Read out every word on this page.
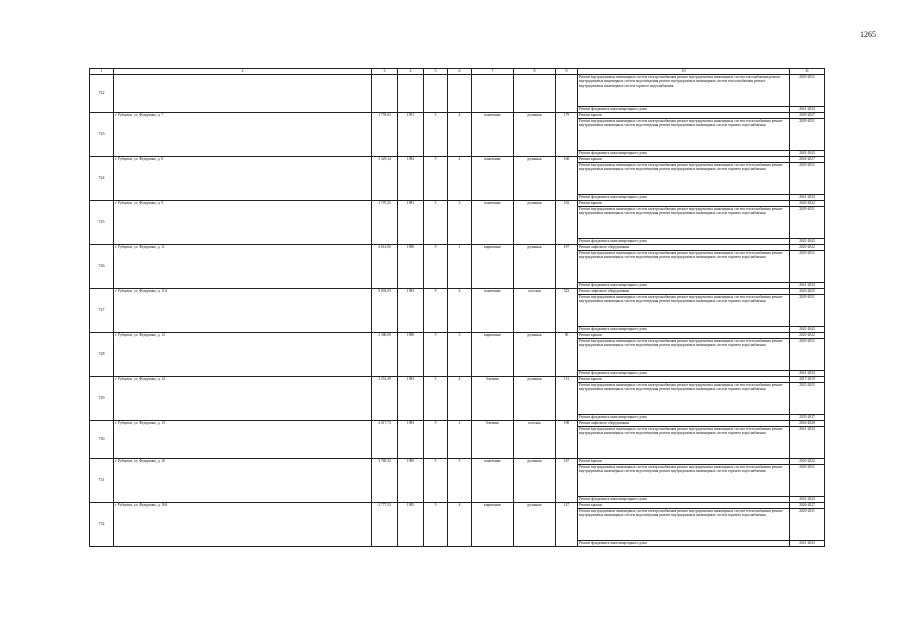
1265
1	2	3	4	5	6	7	8	9	10	11
722									Ремонт внутридомовых инженерных систем электроснабжения ремонт внутридомовых инженерных систем газоснабжения ремонт внутридомовых инженерных систем водоотведения ремонт внутридомовых инженерных систем теплоснабжения ремонт внутридомовых инженерных систем горячего водоснабжения	2029-2031
									Ремонт фундамента многоквартирного дома	2041-2043
723	г. Рубцовск, ул. Федоренко, д. 7	1 759,63	1991	5	4	панельные	рулонная	179	Ремонт крыши	2029-2027
									Ремонт внутридомовых инженерных систем электроснабжения ремонт внутридомовых инженерных систем теплоснабжения ремонт внутридомовых инженерных систем водоотведения ремонт внутридомовых инженерных систем горячего водоснабжения	2029-2031
									Ремонт фундамента многоквартирного дома	2041-2043
724	г. Рубцовск, ул. Федоренко, д. 8	3 329,34	1982	5	4	панельные	рулонная	160	Ремонт крыши	2026-2027
									Ремонт внутридомовых инженерных систем электроснабжения ремонт внутридомовых инженерных систем теплоснабжения ремонт внутридомовых инженерных систем водоотведения ремонт внутридомовых инженерных систем горячего водоснабжения	2029-2031
									Ремонт фундамента многоквартирного дома	2041-2043
725	г. Рубцовск, ул. Федоренко, д. 9	1 707,25	1981	5	3	панельные	рулонная	102	Ремонт крыши	2020-2022
									Ремонт внутридомовых инженерных систем электроснабжения ремонт внутридомовых инженерных систем теплоснабжения ремонт внутридомовых инженерных систем водоотведения ремонт внутридомовых инженерных систем горячего водоснабжения	2029-2031
									Ремонт фундамента многоквартирного дома	2041-2043
726	г. Рубцовск, ул. Федоренко, д. 11	4 614,00	1980	9	1	кирпичные	рулонная	197	Ремонт лифтового оборудования	2020-2022
									Ремонт внутридомовых инженерных систем электроснабжения ремонт внутридомовых инженерных систем теплоснабжения ремонт внутридомовых инженерных систем водоотведения ремонт внутридомовых инженерных систем горячего водоснабжения	2029-2031
									Ремонт фундамента многоквартирного дома	2041-2043
727	г. Рубцовск, ул. Федоренко, д. 11А	9 003,55	1983	9	6	панельные	плоская	523	Ремонт лифтового оборудования	2023-2025
									Ремонт внутридомовых инженерных систем электроснабжения ремонт внутридомовых инженерных систем теплоснабжения ремонт внутридомовых инженерных систем водоотведения ремонт внутридомовых инженерных систем горячего водоснабжения	2029-2031
									Ремонт фундамента многоквартирного дома	2041-2043
728	г. Рубцовск, ул. Федоренко, д. 12	2 380,00	1980	5	3	кирпичные	рулонная	90	Ремонт крыши	2020-2022
									Ремонт внутридомовых инженерных систем электроснабжения ремонт внутридомовых инженерных систем теплоснабжения ремонт внутридомовых инженерных систем водоотведения ремонт внутридомовых инженерных систем горячего водоснабжения	2029-2031
									Ремонт фундамента многоквартирного дома	2041-2043
729	г. Рубцовск, ул. Федоренко, д. 14	2 251,49	1983	5	4	блочные	рулонная	131	Ремонт крыши	2017-2019
									Ремонт внутридомовых инженерных систем электроснабжения ремонт внутридомовых инженерных систем теплоснабжения ремонт внутридомовых инженерных систем водоотведения ремонт внутридомовых инженерных систем горячего водоснабжения	2023-2025
									Ремонт фундамента многоквартирного дома	2035-2037
730	г. Рубцовск, ул. Федоренко, д. 15	4 017,73	1983	9	2	блочные	плоская	198	Ремонт лифтового оборудования	2026-2028
									Ремонт внутридомовых инженерных систем электроснабжения ремонт внутридомовых инженерных систем теплоснабжения ремонт внутридомовых инженерных систем водоотведения ремонт внутридомовых инженерных систем горячего водоснабжения	2041-2043
731	г. Рубцовск, ул. Федоренко, д. 16	3 760,32	1985	5	5	панельные	рулонная	167	Ремонт крыши	2020-2022
									Ремонт внутридомовых инженерных систем электроснабжения ремонт внутридомовых инженерных систем теплоснабжения ремонт внутридомовых инженерных систем водоотведения ремонт внутридомовых инженерных систем горячего водоснабжения	2029-2031
									Ремонт фундамента многоквартирного дома	2041-2043
732	г. Рубцовск, ул. Федоренко, д. 16А	2 777,53	1985	5	4	кирпичные	рулонная	147	Ремонт крыши	2026-2027
									Ремонт внутридомовых инженерных систем электроснабжения ремонт внутридомовых инженерных систем теплоснабжения ремонт внутридомовых инженерных систем водоотведения ремонт внутридомовых инженерных систем горячего водоснабжения	2029-2031
									Ремонт фундамента многоквартирного дома	2041-2043
